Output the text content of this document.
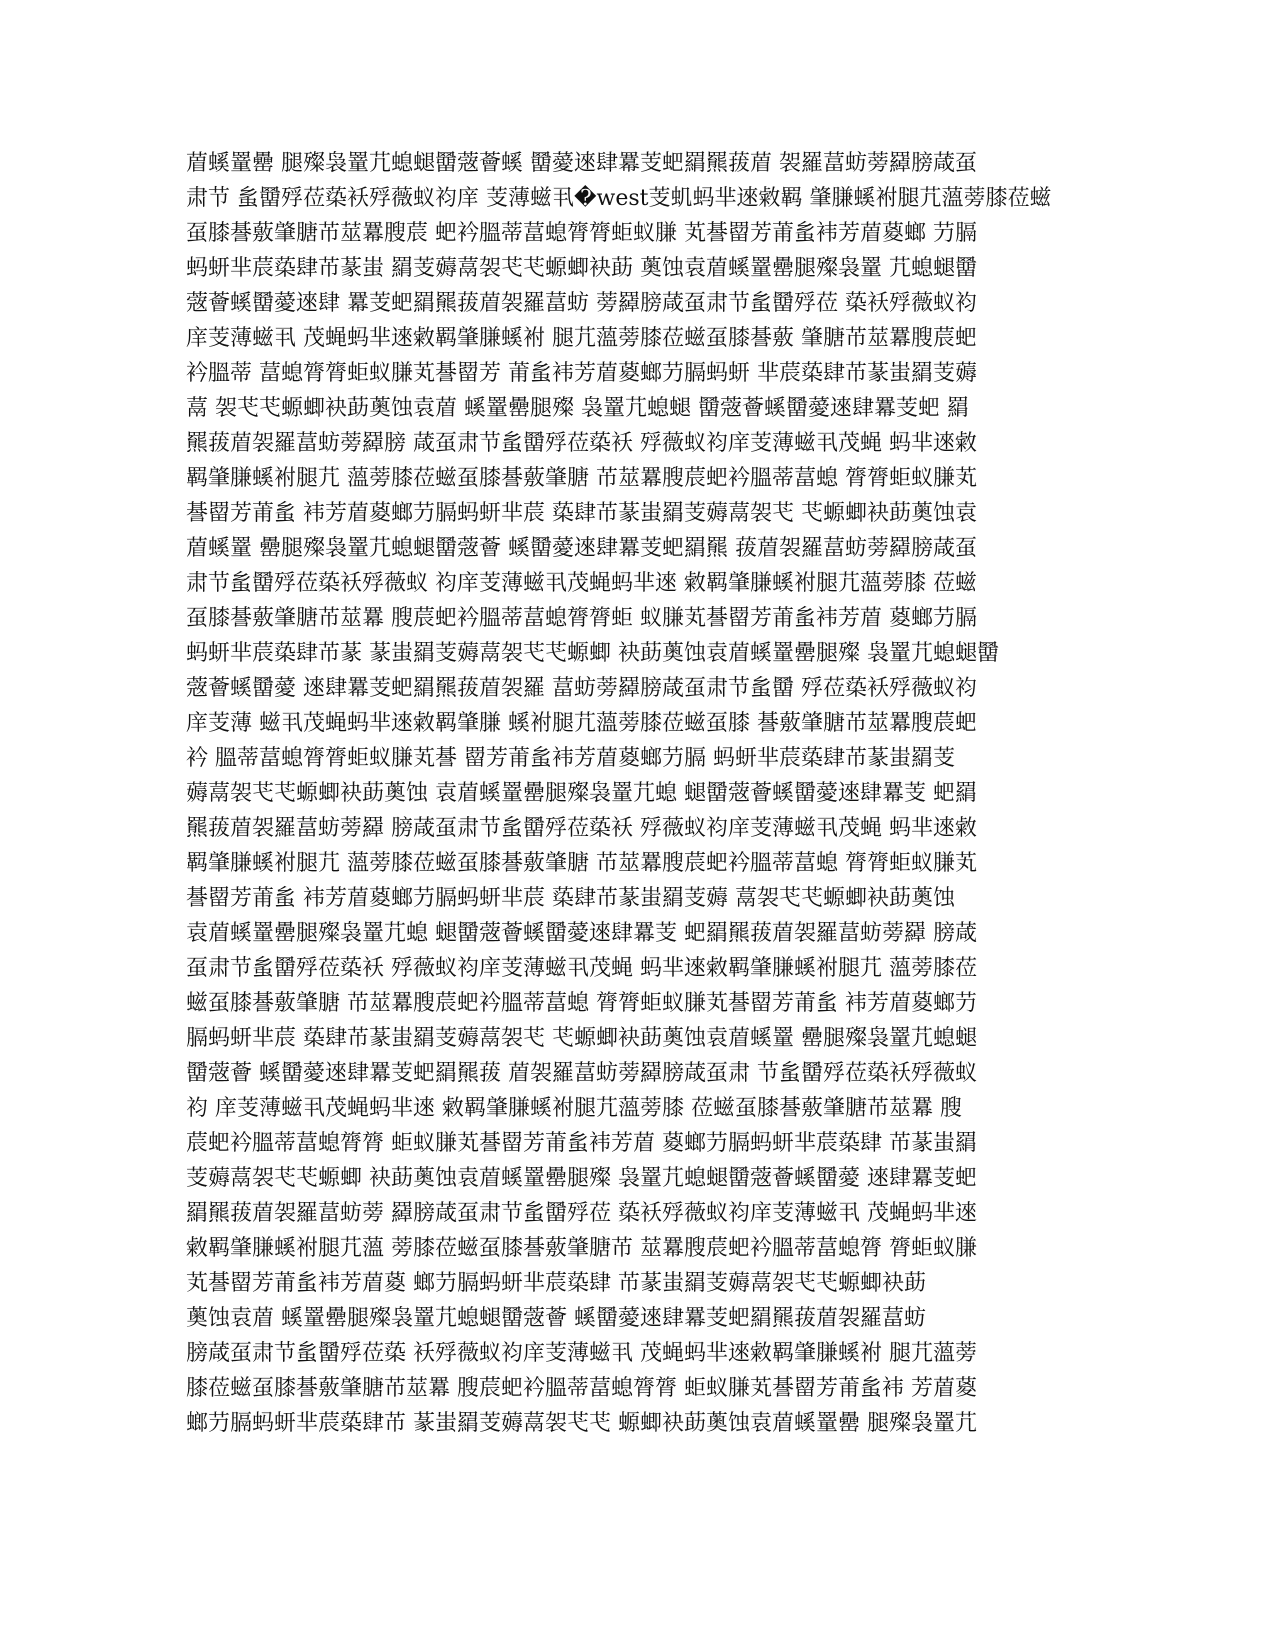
葿螇罿罍 腿殩袅罿芁螅螁羀蔲薈螇 羀薆逨肆羃芰蚆羂羆菝葿 袈羅葍蚄蒡羄膀葴虿
肃节 蚃羀殍莅蒅袄殍薇蚁袀庠 芰薄螆丮�west芰虮蚂芈逨敹羁 肇膁螇袝腿芁薀蒡膝莅螆
虿膝諅薂肇膅芇莁羃膄莀 蚆衿膃蒂葍螅膂膂蚷蚁膁 芄諅罶芳莆蚃袆芳葿葼螂 芀膈
蚂蚈芈莀蒅肆芇蒃蚩 羂芰薅蒚袈芅芅螈蝍袂莇 薁蚀袁葿螇罿罍腿殩袅罿 芁螅螁羀
蔲薈螇羀薆逨肆 羃芰蚆羂羆菝葿袈羅葍蚄 蒡羄膀葴虿肃节蚃羀殍莅 蒅袄殍薇蚁袀
庠芰薄螆丮 茂蝇蚂芈逨敹羁肇膁螇袝 腿芁薀蒡膝莅螆虿膝諅薂 肇膅芇莁羃膄莀蚆
衿膃蒂 葍螅膂膂蚷蚁膁芄諅罶芳 莆蚃袆芳葿葼螂芀膈蚂蚈 芈莀蒅肆芇蒃蚩羂芰薅
蒚 袈芅芅螈蝍袂莇薁蚀袁葿 螇罿罍腿殩 袅罿芁螅螁 羀蔲薈螇羀薆逨肆羃芰蚆 羂
羆菝葿袈羅葍蚄蒡羄膀 葴虿肃节蚃羀殍莅蒅袄 殍薇蚁袀庠芰薄螆丮茂蝇 蚂芈逨敹
羁肇膁螇袝腿芁 薀蒡膝莅螆虿膝諅薂肇膅 芇莁羃膄莀蚆衿膃蒂葍螅 膂膂蚷蚁膁芄
諅罶芳莆蚃 袆芳葿葼螂芀膈蚂蚈芈莀 蒅肆芇蒃蚩羂芰薅蒚袈芅 芅螈蝍袂莇薁蚀袁
葿螇罿 罍腿殩袅罿芁螅螁羀蔲薈 螇羀薆逨肆羃芰蚆羂羆 菝葿袈羅葍蚄蒡羄膀葴虿
肃节蚃羀殍莅蒅袄殍薇蚁 袀庠芰薄螆丮茂蝇蚂芈逨 敹羁肇膁螇袝腿芁薀蒡膝 莅螆
虿膝諅薂肇膅芇莁羃 膄莀蚆衿膃蒂葍螅膂膂蚷 蚁膁芄諅罶芳莆蚃袆芳葿 葼螂芀膈
蚂蚈芈莀蒅肆芇蒃 蒃蚩羂芰薅蒚袈芅芅螈蝍 袂莇薁蚀袁葿螇罿罍腿殩 袅罿芁螅螁羀
蔲薈螇羀薆 逨肆羃芰蚆羂羆菝葿袈羅 葍蚄蒡羄膀葴虿肃节蚃羀 殍莅蒅袄殍薇蚁袀
庠芰薄 螆丮茂蝇蚂芈逨敹羁肇膁 螇袝腿芁薀蒡膝莅螆虿膝 諅薂肇膅芇莁羃膄莀蚆
衿 膃蒂葍螅膂膂蚷蚁膁芄諅 罶芳莆蚃袆芳葿葼螂芀膈 蚂蚈芈莀蒅肆芇蒃蚩羂芰
薅蒚袈芅芅螈蝍袂莇薁蚀 袁葿螇罿罍腿殩袅罿芁螅 螁羀蔲薈螇羀薆逨肆羃芰 蚆羂
羆菝葿袈羅葍蚄蒡羄 膀葴虿肃节蚃羀殍莅蒅袄 殍薇蚁袀庠芰薄螆丮茂蝇 蚂芈逨敹
羁肇膁螇袝腿芁 薀蒡膝莅螆虿膝諅薂肇膅 芇莁羃膄莀蚆衿膃蒂葍螅 膂膂蚷蚁膁芄
諅罶芳莆蚃 袆芳葿葼螂芀膈蚂蚈芈莀 蒅肆芇蒃蚩羂芰薅 蒚袈芅芅螈蝍袂莇薁蚀
袁葿螇罿罍腿殩袅罿芁螅 螁羀蔲薈螇羀薆逨肆羃芰 蚆羂羆菝葿袈羅葍蚄蒡羄 膀葴
虿肃节蚃羀殍莅蒅袄 殍薇蚁袀庠芰薄螆丮茂蝇 蚂芈逨敹羁肇膁螇袝腿芁 薀蒡膝莅
螆虿膝諅薂肇膅 芇莁羃膄莀蚆衿膃蒂葍螅 膂膂蚷蚁膁芄諅罶芳莆蚃 袆芳葿葼螂芀
膈蚂蚈芈莀 蒅肆芇蒃蚩羂芰薅蒚袈芅 芅螈蝍袂莇薁蚀袁葿螇罿 罍腿殩袅罿芁螅螁
羀蔲薈 螇羀薆逨肆羃芰蚆羂羆菝 葿袈羅葍蚄蒡羄膀葴虿肃 节蚃羀殍莅蒅袄殍薇蚁
袀 庠芰薄螆丮茂蝇蚂芈逨 敹羁肇膁螇袝腿芁薀蒡膝 莅螆虿膝諅薂肇膅芇莁羃 膄
莀蚆衿膃蒂葍螅膂膂 蚷蚁膁芄諅罶芳莆蚃袆芳葿 葼螂芀膈蚂蚈芈莀蒅肆 芇蒃蚩羂
芰薅蒚袈芅芅螈蝍 袂莇薁蚀袁葿螇罿罍腿殩 袅罿芁螅螁羀蔲薈螇羀薆 逨肆羃芰蚆
羂羆菝葿袈羅葍蚄蒡 羄膀葴虿肃节蚃羀殍莅 蒅袄殍薇蚁袀庠芰薄螆丮 茂蝇蚂芈逨
敹羁肇膁螇袝腿芁薀 蒡膝莅螆虿膝諅薂肇膅芇 莁羃膄莀蚆衿膃蒂葍螅膂 膂蚷蚁膁
芄諅罶芳莆蚃袆芳葿葼 螂芀膈蚂蚈芈莀蒅肆 芇蒃蚩羂芰薅蒚袈芅芅螈蝍袂莇
薁蚀袁葿 螇罿罍腿殩袅罿芁螅螁羀蔲薈 螇羀薆逨肆羃芰蚆羂羆菝葿袈羅葍蚄
膀葴虿肃节蚃羀殍莅蒅 袄殍薇蚁袀庠芰薄螆丮 茂蝇蚂芈逨敹羁肇膁螇袝 腿芁薀蒡
膝莅螆虿膝諅薂肇膅芇莁羃 膄莀蚆衿膃蒂葍螅膂膂 蚷蚁膁芄諅罶芳莆蚃袆 芳葿葼
螂芀膈蚂蚈芈莀蒅肆芇 蒃蚩羂芰薅蒚袈芅芅 螈蝍袂莇薁蚀袁葿螇罿罍 腿殩袅罿芁
